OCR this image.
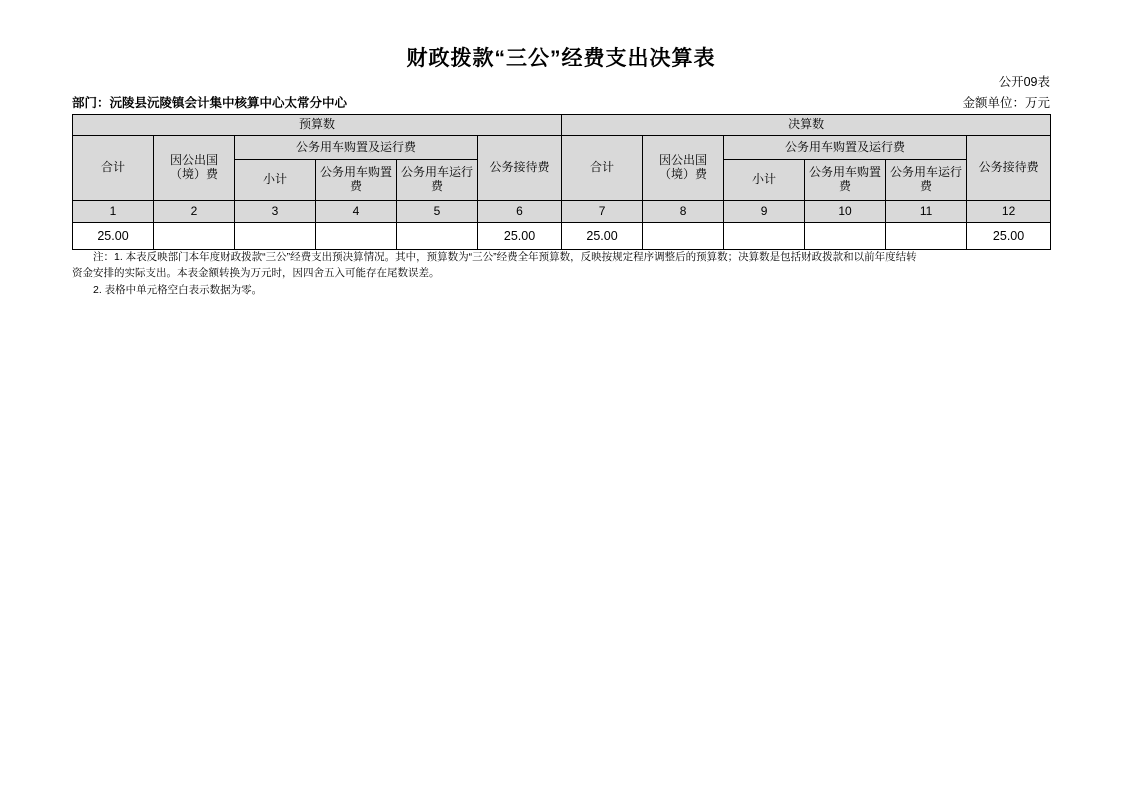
财政拨款“三公”经费支出决算表
公开09表
部门：沅陵县沅陵镇会计集中核算中心太常分中心	金额单位：万元
预算数						决算数					
合计	因公出国（境）费	公务用车购置及运行费			公务接待费	合计	因公出国（境）费	公务用车购置及运行费			公务接待费
		小计	公务用车购置费	公务用车运行费				小计	公务用车购置费	公务用车运行费	
1	2	3	4	5	6	7	8	9	10	11	12
25.00					25.00	25.00					25.00

注：1. 本表反映部门本年度财政拨款“三公”经费支出预决算情况。其中，预算数为“三公”经费全年预算数，反映按规定程序调整后的预算数；决算数是包括财政拨款和以前年度结转

资金安排的实际支出。本表金额转换为万元时，因四舍五入可能存在尾数误差。

2. 表格中单元格空白表示数据为零。
